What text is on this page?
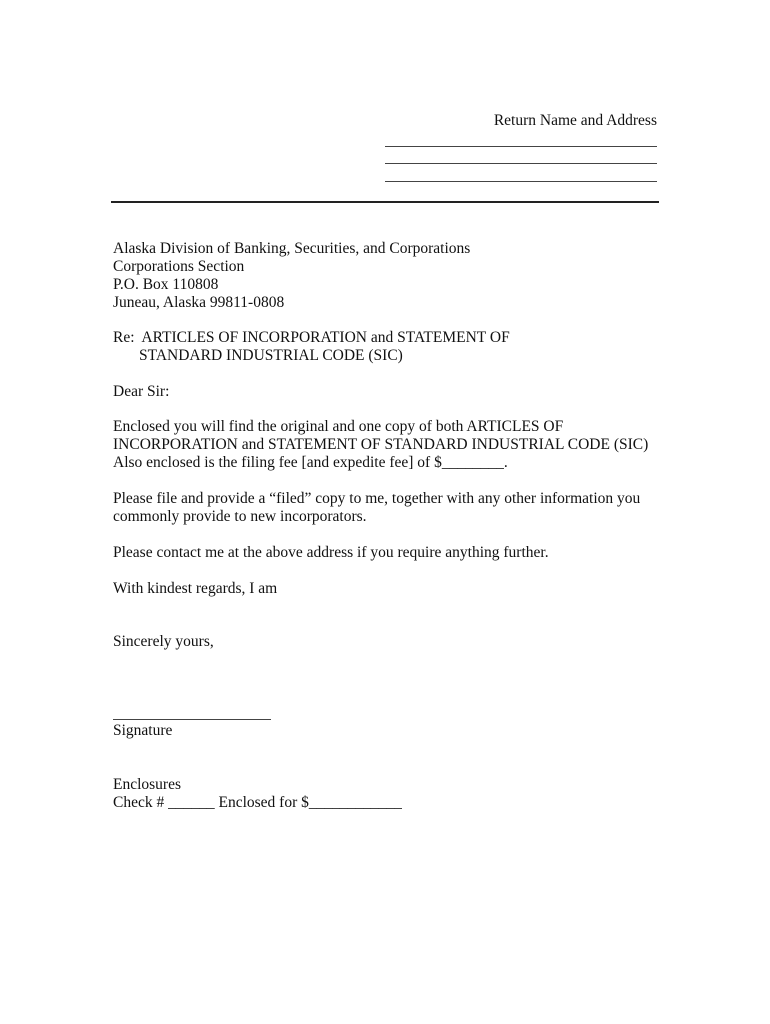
Return Name and Address
Alaska Division of Banking, Securities, and Corporations
Corporations Section
P.O. Box 110808
Juneau, Alaska 99811-0808
Re:  ARTICLES OF INCORPORATION and STATEMENT OF
STANDARD INDUSTRIAL CODE (SIC)
Dear Sir:
Enclosed you will find the original and one copy of both ARTICLES OF
INCORPORATION and STATEMENT OF STANDARD INDUSTRIAL CODE (SIC)
Also enclosed is the filing fee [and expedite fee] of $________.
Please file and provide a “filed” copy to me, together with any other information you
commonly provide to new incorporators.
Please contact me at the above address if you require anything further.
With kindest regards, I am
Sincerely yours,
Signature
Enclosures
Check # ______ Enclosed for $____________
